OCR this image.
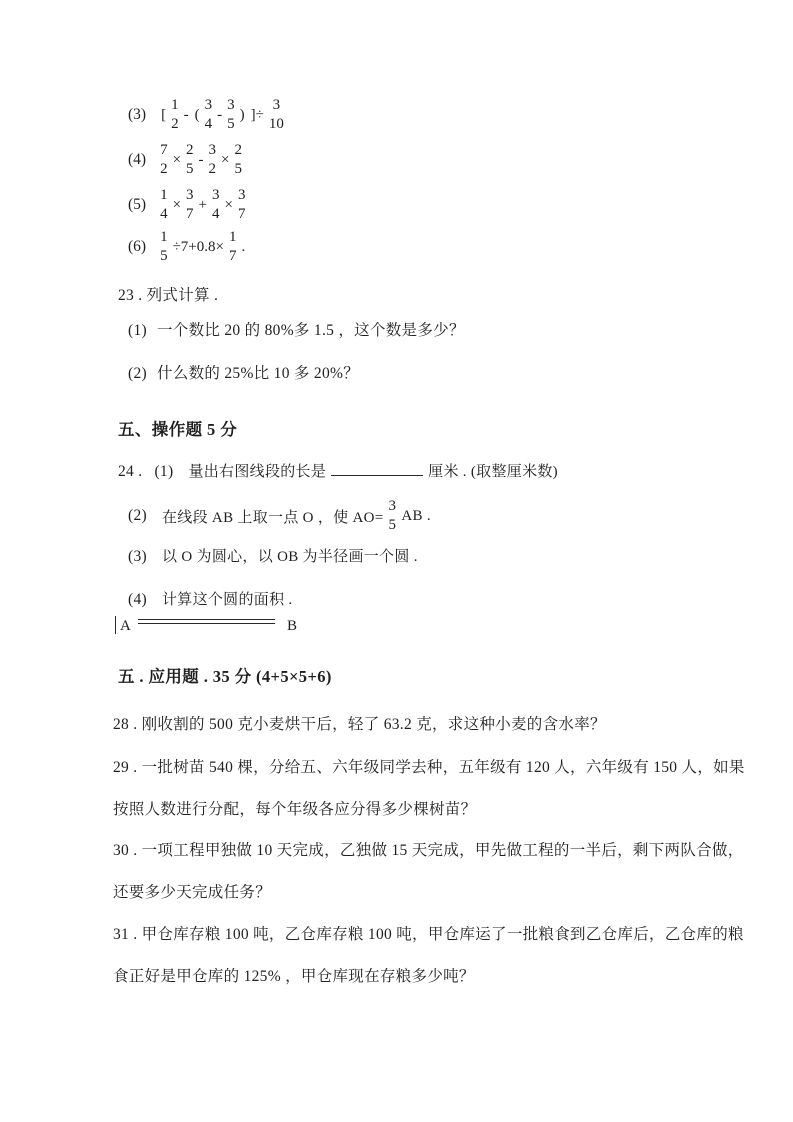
(3) [
1
2
- (
3
4
-
3
5
) ]÷
3
10
(4)
7
2
×
2
5
-
3
2
×
2
5
(5)
1
4
×
3
7
+
3
4
×
3
7
(6)
1
5
÷7+0.8×
1
7
.
23 . 列式计算 .
(1) 一个数比 20 的 80%多 1.5 ，这个数是多少？
(2) 什么数的 25%比 10 多 20%？
五、操作题 5 分
24 . (1) 量出右图线段的长是	厘米 . (取整厘米数)
(2) 在线段 AB 上取一点 O ，使 AO=
3
5
AB .
(3) 以 O 为圆心，以 OB 为半径画一个圆 .
(4) 计算这个圆的面积 .
A	B
五 . 应用题 . 35 分 (4+5×5+6)
28 . 刚收割的 500 克小麦烘干后，轻了 63.2 克，求这种小麦的含水率？
29 . 一批树苗 540 棵，分给五、六年级同学去种，五年级有 120 人，六年级有 150 人，如果
按照人数进行分配，每个年级各应分得多少棵树苗？
30 . 一项工程甲独做 10 天完成，乙独做 15 天完成，甲先做工程的一半后，剩下两队合做，
还要多少天完成任务？
31 . 甲仓库存粮 100 吨，乙仓库存粮 100 吨，甲仓库运了一批粮食到乙仓库后，乙仓库的粮
食正好是甲仓库的 125% ，甲仓库现在存粮多少吨？
